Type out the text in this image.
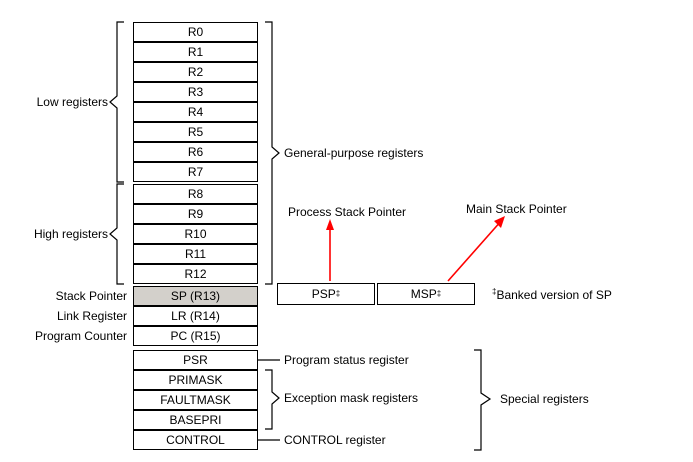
R0
R1
R2
R3
R4
R5
R6
R7
R8
R9
R10
R11
R12
SP (R13)
LR (R14)
PC (R15)
PSR
PRIMASK
FAULTMASK
BASEPRI
CONTROL
PSP ‡	MSP ‡
Low registers
High registers
Stack Pointer
Link Register
Program Counter
General-purpose registers
Program status register
Exception mask registers
CONTROL register
Special registers
Process Stack Pointer	Main Stack Pointer
‡Banked version of SP
